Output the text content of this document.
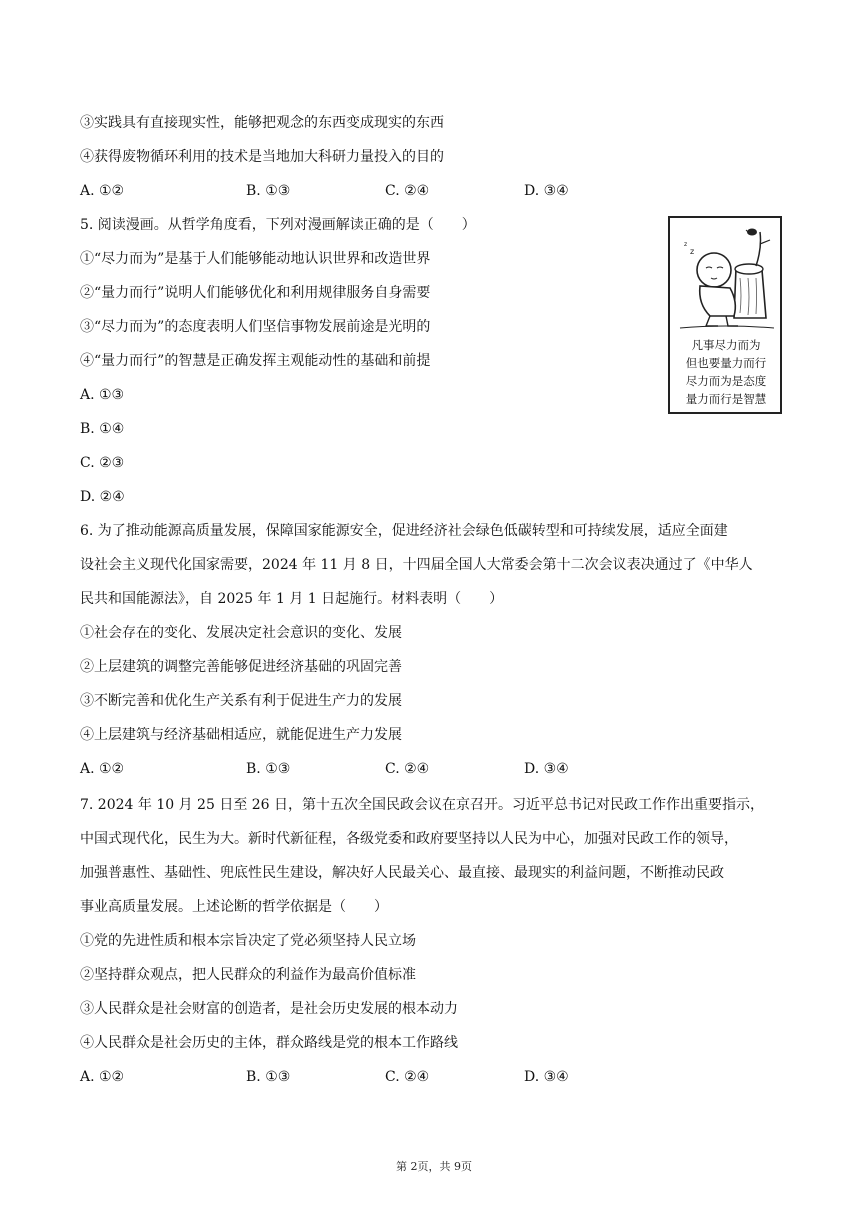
③实践具有直接现实性，能够把观念的东西变成现实的东西
④获得废物循环利用的技术是当地加大科研力量投入的目的
A. ①②	B. ①③	C. ②④	D. ③④
5. 阅读漫画。从哲学角度看，下列对漫画解读正确的是（　　）
①“尽力而为”是基于人们能够能动地认识世界和改造世界
②“量力而行”说明人们能够优化和利用规律服务自身需要
③“尽力而为”的态度表明人们坚信事物发展前途是光明的
④“量力而行”的智慧是正确发挥主观能动性的基础和前提
A. ①③
B. ①④
C. ②③
D. ②④
z
z
凡事尽力而为
但也要量力而行
尽力而为是态度
量力而行是智慧
6. 为了推动能源高质量发展，保障国家能源安全，促进经济社会绿色低碳转型和可持续发展，适应全面建
设社会主义现代化国家需要，2024 年 11 月 8 日，十四届全国人大常委会第十二次会议表决通过了《中华人
民共和国能源法》，自 2025 年 1 月 1 日起施行。材料表明（　　）
①社会存在的变化、发展决定社会意识的变化、发展
②上层建筑的调整完善能够促进经济基础的巩固完善
③不断完善和优化生产关系有利于促进生产力的发展
④上层建筑与经济基础相适应，就能促进生产力发展
A. ①②	B. ①③	C. ②④	D. ③④
7. 2024 年 10 月 25 日至 26 日，第十五次全国民政会议在京召开。习近平总书记对民政工作作出重要指示，
中国式现代化，民生为大。新时代新征程，各级党委和政府要坚持以人民为中心，加强对民政工作的领导，
加强普惠性、基础性、兜底性民生建设，解决好人民最关心、最直接、最现实的利益问题，不断推动民政
事业高质量发展。上述论断的哲学依据是（　　）
①党的先进性质和根本宗旨决定了党必须坚持人民立场
②坚持群众观点，把人民群众的利益作为最高价值标准
③人民群众是社会财富的创造者，是社会历史发展的根本动力
④人民群众是社会历史的主体，群众路线是党的根本工作路线
A. ①②	B. ①③	C. ②④	D. ③④
第 2页，共 9页
